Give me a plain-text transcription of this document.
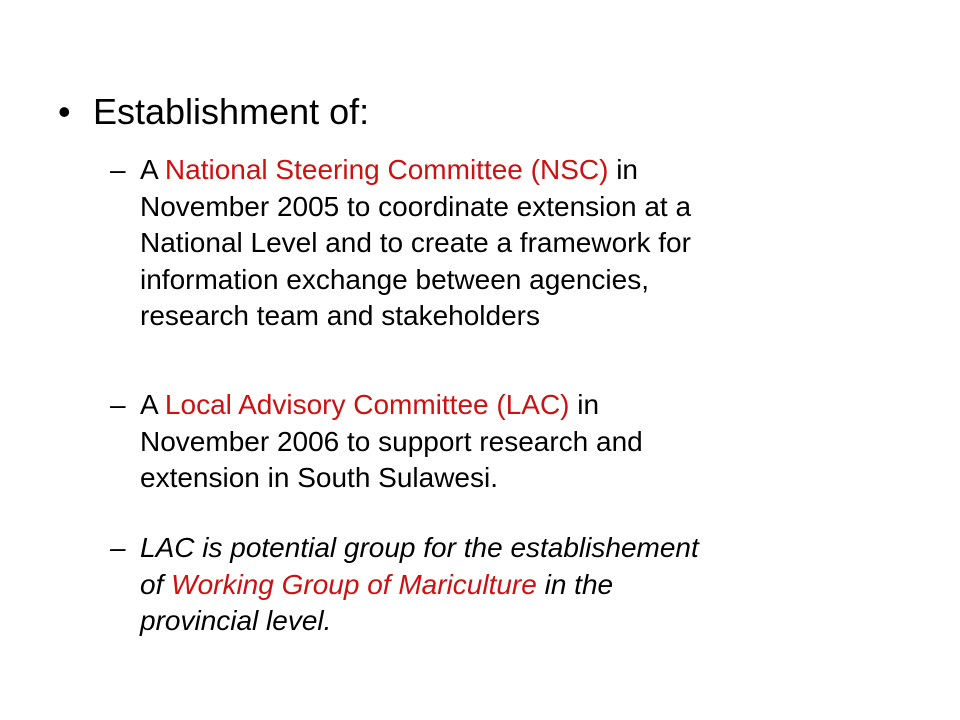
• Establishment of:
– A National Steering Committee (NSC) in
November 2005 to coordinate extension at a
National Level and to create a framework for
information exchange between agencies,
research team and stakeholders
– A Local Advisory Committee (LAC) in
November 2006 to support research and
extension in South Sulawesi.
– LAC is potential group for the establishement
of Working Group of Mariculture in the
provincial level.
